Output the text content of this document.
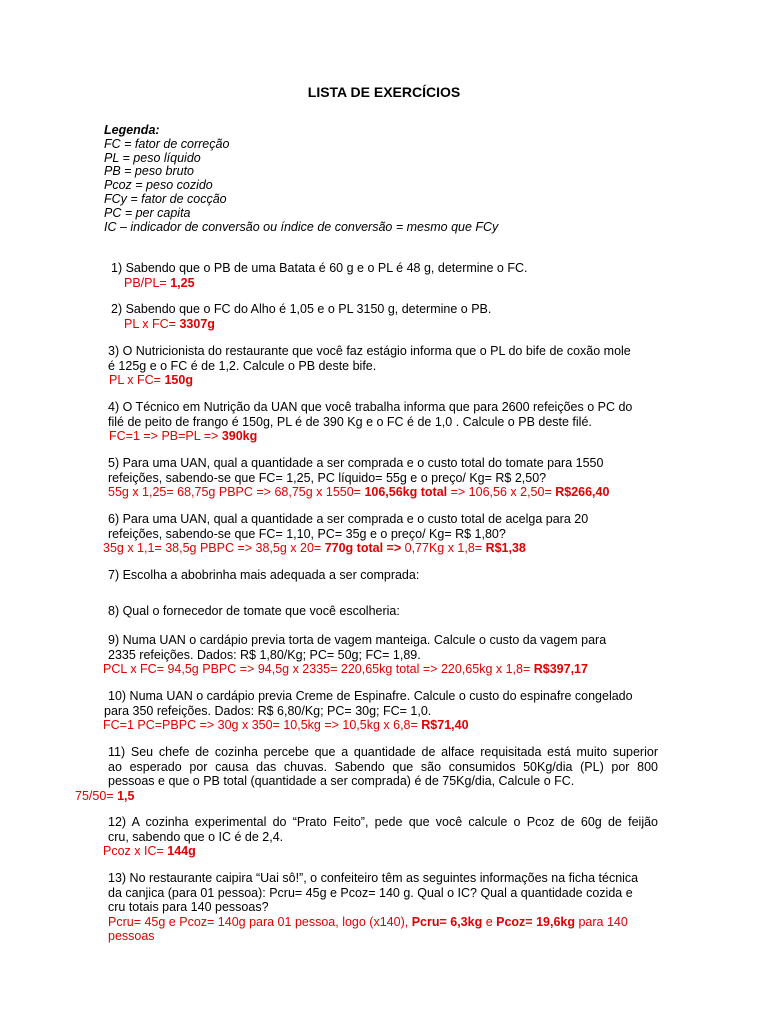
LISTA DE EXERCÍCIOS
Legenda:
FC = fator de correção
PL = peso líquido
PB = peso bruto
Pcoz = peso cozido
FCy = fator de cocção
PC = per capita
IC – indicador de conversão ou índice de conversão = mesmo que FCy
1) Sabendo que o PB de uma Batata é 60 g e o PL é 48 g, determine o FC.
PB/PL= 1,25
2) Sabendo que o FC do Alho é 1,05 e o PL 3150 g, determine o PB.
PL x FC= 3307g
3) O Nutricionista do restaurante que você faz estágio informa que o PL do bife de coxão mole
é 125g e o FC é de 1,2. Calcule o PB deste bife.
PL x FC= 150g
4) O Técnico em Nutrição da UAN que você trabalha informa que para 2600 refeições o PC do
filé de peito de frango é 150g, PL é de 390 Kg e o FC é de 1,0 . Calcule o PB deste filé.
FC=1 => PB=PL => 390kg
5) Para uma UAN, qual a quantidade a ser comprada e o custo total do tomate para 1550
refeições, sabendo-se que FC= 1,25, PC líquido= 55g e o preço/ Kg= R$ 2,50?
55g x 1,25= 68,75g PBPC => 68,75g x 1550= 106,56kg total => 106,56 x 2,50= R$266,40
6) Para uma UAN, qual a quantidade a ser comprada e o custo total de acelga para 20
refeições, sabendo-se que FC= 1,10, PC= 35g e o preço/ Kg= R$ 1,80?
35g x 1,1= 38,5g PBPC => 38,5g x 20= 770g total => 0,77Kg x 1,8= R$1,38
7) Escolha a abobrinha mais adequada a ser comprada:
8) Qual o fornecedor de tomate que você escolheria:
9) Numa UAN o cardápio previa torta de vagem manteiga. Calcule o custo da vagem para
2335 refeições. Dados: R$ 1,80/Kg; PC= 50g; FC= 1,89.
PCL x FC= 94,5g PBPC => 94,5g x 2335= 220,65kg total => 220,65kg x 1,8= R$397,17
10) Numa UAN o cardápio previa Creme de Espinafre. Calcule o custo do espinafre congelado
para 350 refeições. Dados: R$ 6,80/Kg; PC= 30g; FC= 1,0.
FC=1 PC=PBPC => 30g x 350= 10,5kg => 10,5kg x 6,8= R$71,40
11) Seu chefe de cozinha percebe que a quantidade de alface requisitada está muito superior
ao esperado por causa das chuvas. Sabendo que são consumidos 50Kg/dia (PL) por 800
pessoas e que o PB total (quantidade a ser comprada) é de 75Kg/dia, Calcule o FC.
75/50= 1,5
12) A cozinha experimental do “Prato Feito”, pede que você calcule o Pcoz de 60g de feijão
cru, sabendo que o IC é de 2,4.
Pcoz x IC= 144g
13) No restaurante caipira “Uai sô!”, o confeiteiro têm as seguintes informações na ficha técnica
da canjica (para 01 pessoa): Pcru= 45g e Pcoz= 140 g. Qual o IC? Qual a quantidade cozida e
cru totais para 140 pessoas?
Pcru= 45g e Pcoz= 140g para 01 pessoa, logo (x140), Pcru= 6,3kg e Pcoz= 19,6kg para 140
pessoas
